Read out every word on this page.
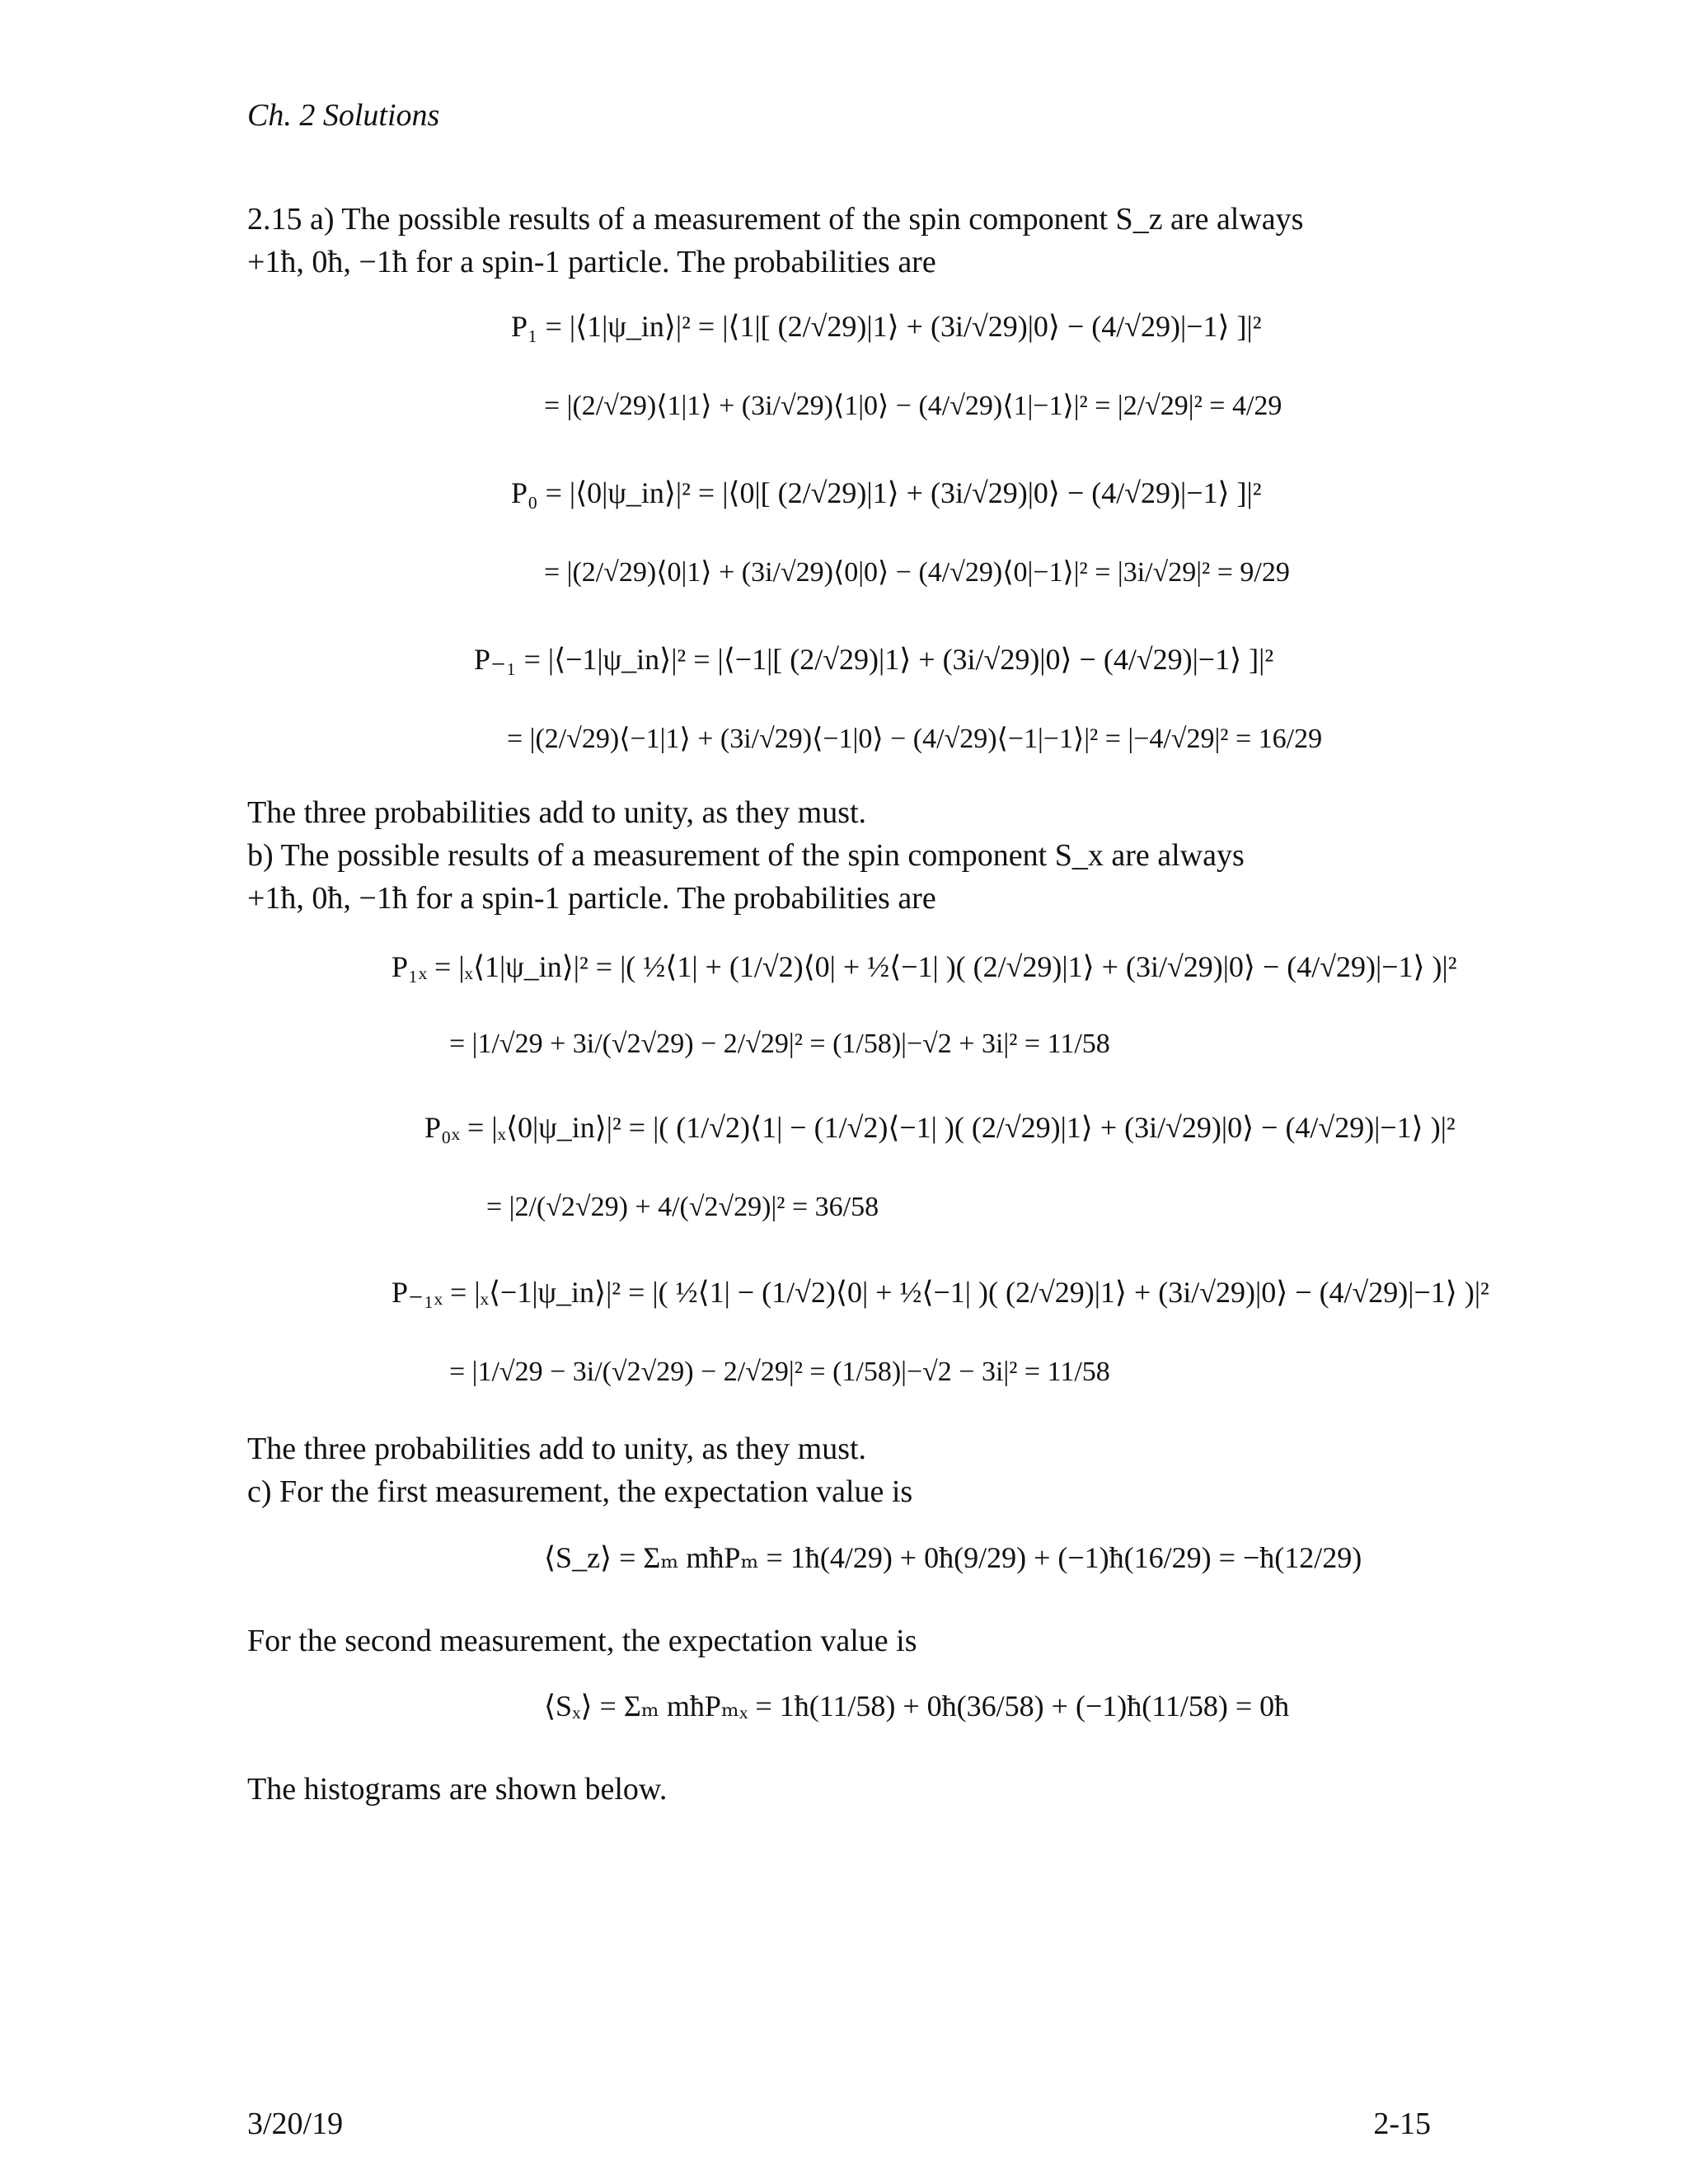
Ch. 2 Solutions
2.15 a) The possible results of a measurement of the spin component S_z are always
+1ħ, 0ħ, −1ħ for a spin-1 particle. The probabilities are
P₁ = |⟨1|ψ_in⟩|² = |⟨1|[ (2/√29)|1⟩ + (3i/√29)|0⟩ − (4/√29)|−1⟩ ]|²
= |(2/√29)⟨1|1⟩ + (3i/√29)⟨1|0⟩ − (4/√29)⟨1|−1⟩|² = |2/√29|² = 4/29
P₀ = |⟨0|ψ_in⟩|² = |⟨0|[ (2/√29)|1⟩ + (3i/√29)|0⟩ − (4/√29)|−1⟩ ]|²
= |(2/√29)⟨0|1⟩ + (3i/√29)⟨0|0⟩ − (4/√29)⟨0|−1⟩|² = |3i/√29|² = 9/29
P₋₁ = |⟨−1|ψ_in⟩|² = |⟨−1|[ (2/√29)|1⟩ + (3i/√29)|0⟩ − (4/√29)|−1⟩ ]|²
= |(2/√29)⟨−1|1⟩ + (3i/√29)⟨−1|0⟩ − (4/√29)⟨−1|−1⟩|² = |−4/√29|² = 16/29
The three probabilities add to unity, as they must.
b) The possible results of a measurement of the spin component S_x are always
+1ħ, 0ħ, −1ħ for a spin-1 particle. The probabilities are
P₁ₓ = |ₓ⟨1|ψ_in⟩|² = |( ½⟨1| + (1/√2)⟨0| + ½⟨−1| )( (2/√29)|1⟩ + (3i/√29)|0⟩ − (4/√29)|−1⟩ )|²
= |1/√29 + 3i/(√2√29) − 2/√29|² = (1/58)|−√2 + 3i|² = 11/58
P₀ₓ = |ₓ⟨0|ψ_in⟩|² = |( (1/√2)⟨1| − (1/√2)⟨−1| )( (2/√29)|1⟩ + (3i/√29)|0⟩ − (4/√29)|−1⟩ )|²
= |2/(√2√29) + 4/(√2√29)|² = 36/58
P₋₁ₓ = |ₓ⟨−1|ψ_in⟩|² = |( ½⟨1| − (1/√2)⟨0| + ½⟨−1| )( (2/√29)|1⟩ + (3i/√29)|0⟩ − (4/√29)|−1⟩ )|²
= |1/√29 − 3i/(√2√29) − 2/√29|² = (1/58)|−√2 − 3i|² = 11/58
The three probabilities add to unity, as they must.
c) For the first measurement, the expectation value is
⟨S_z⟩ = Σₘ mħPₘ = 1ħ(4/29) + 0ħ(9/29) + (−1)ħ(16/29) = −ħ(12/29)
For the second measurement, the expectation value is
⟨Sₓ⟩ = Σₘ mħPₘₓ = 1ħ(11/58) + 0ħ(36/58) + (−1)ħ(11/58) = 0ħ
The histograms are shown below.
3/20/19	2-15
